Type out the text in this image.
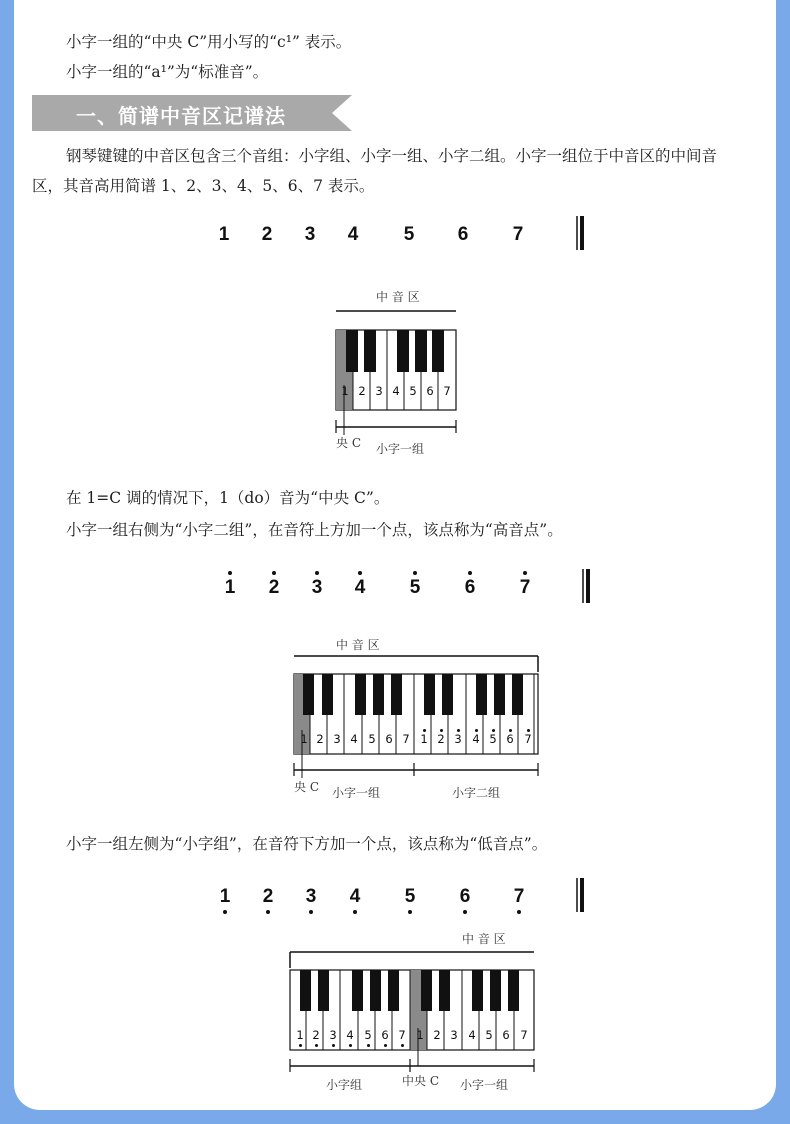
小字一组的“中央 C”用小写的“c¹” 表示。
小字一组的“a¹”为“标准音”。
一、简谱中音区记谱法
钢琴键键的中音区包含三个音组：小字组、小字一组、小字二组。小字一组位于中音区的中间音
区，其音高用简谱 1、2、3、4、5、6、7 表示。
1 2 3 4 5 6 7
中 音 区
1 2 3 4 5 6 7
央 C 小字一组
在 1=C 调的情况下，1（do）音为“中央 C”。
小字一组右侧为“小字二组”，在音符上方加一个点，该点称为“高音点”。
1 2 3 4 5 6 7
中 音 区
央 C 小字一组	小字二组
小字一组左侧为“小字组”，在音符下方加一个点，该点称为“低音点”。
1 2 3 4 5 6 7
中 音 区
小字组	中央 C 小字一组
1 2 3 4 5 6 7 1 2 3 4 5 6 7
1 2 3 4 5 6 7 1 2 3 4 5 6 7
